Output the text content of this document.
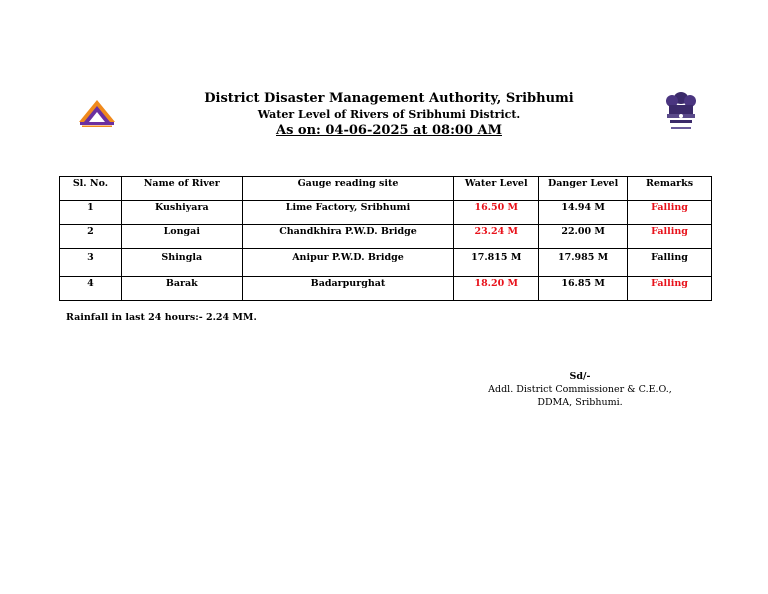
District Disaster Management Authority, Sribhumi
Water Level of Rivers of Sribhumi District.
As on: 04-06-2025 at 08:00 AM
Sl. No.	Name of River	Gauge reading site	Water Level	Danger Level	Remarks
1	Kushiyara	Lime Factory, Sribhumi	16.50 M	14.94 M	Falling
2	Longai	Chandkhira P.W.D. Bridge	23.24 M	22.00 M	Falling
3	Shingla	Anipur P.W.D. Bridge	17.815 M	17.985 M	Falling
4	Barak	Badarpurghat	18.20 M	16.85 M	Falling
Rainfall in last 24 hours:- 2.24 MM.
Sd/-
Addl. District Commissioner & C.E.O.,
DDMA, Sribhumi.
